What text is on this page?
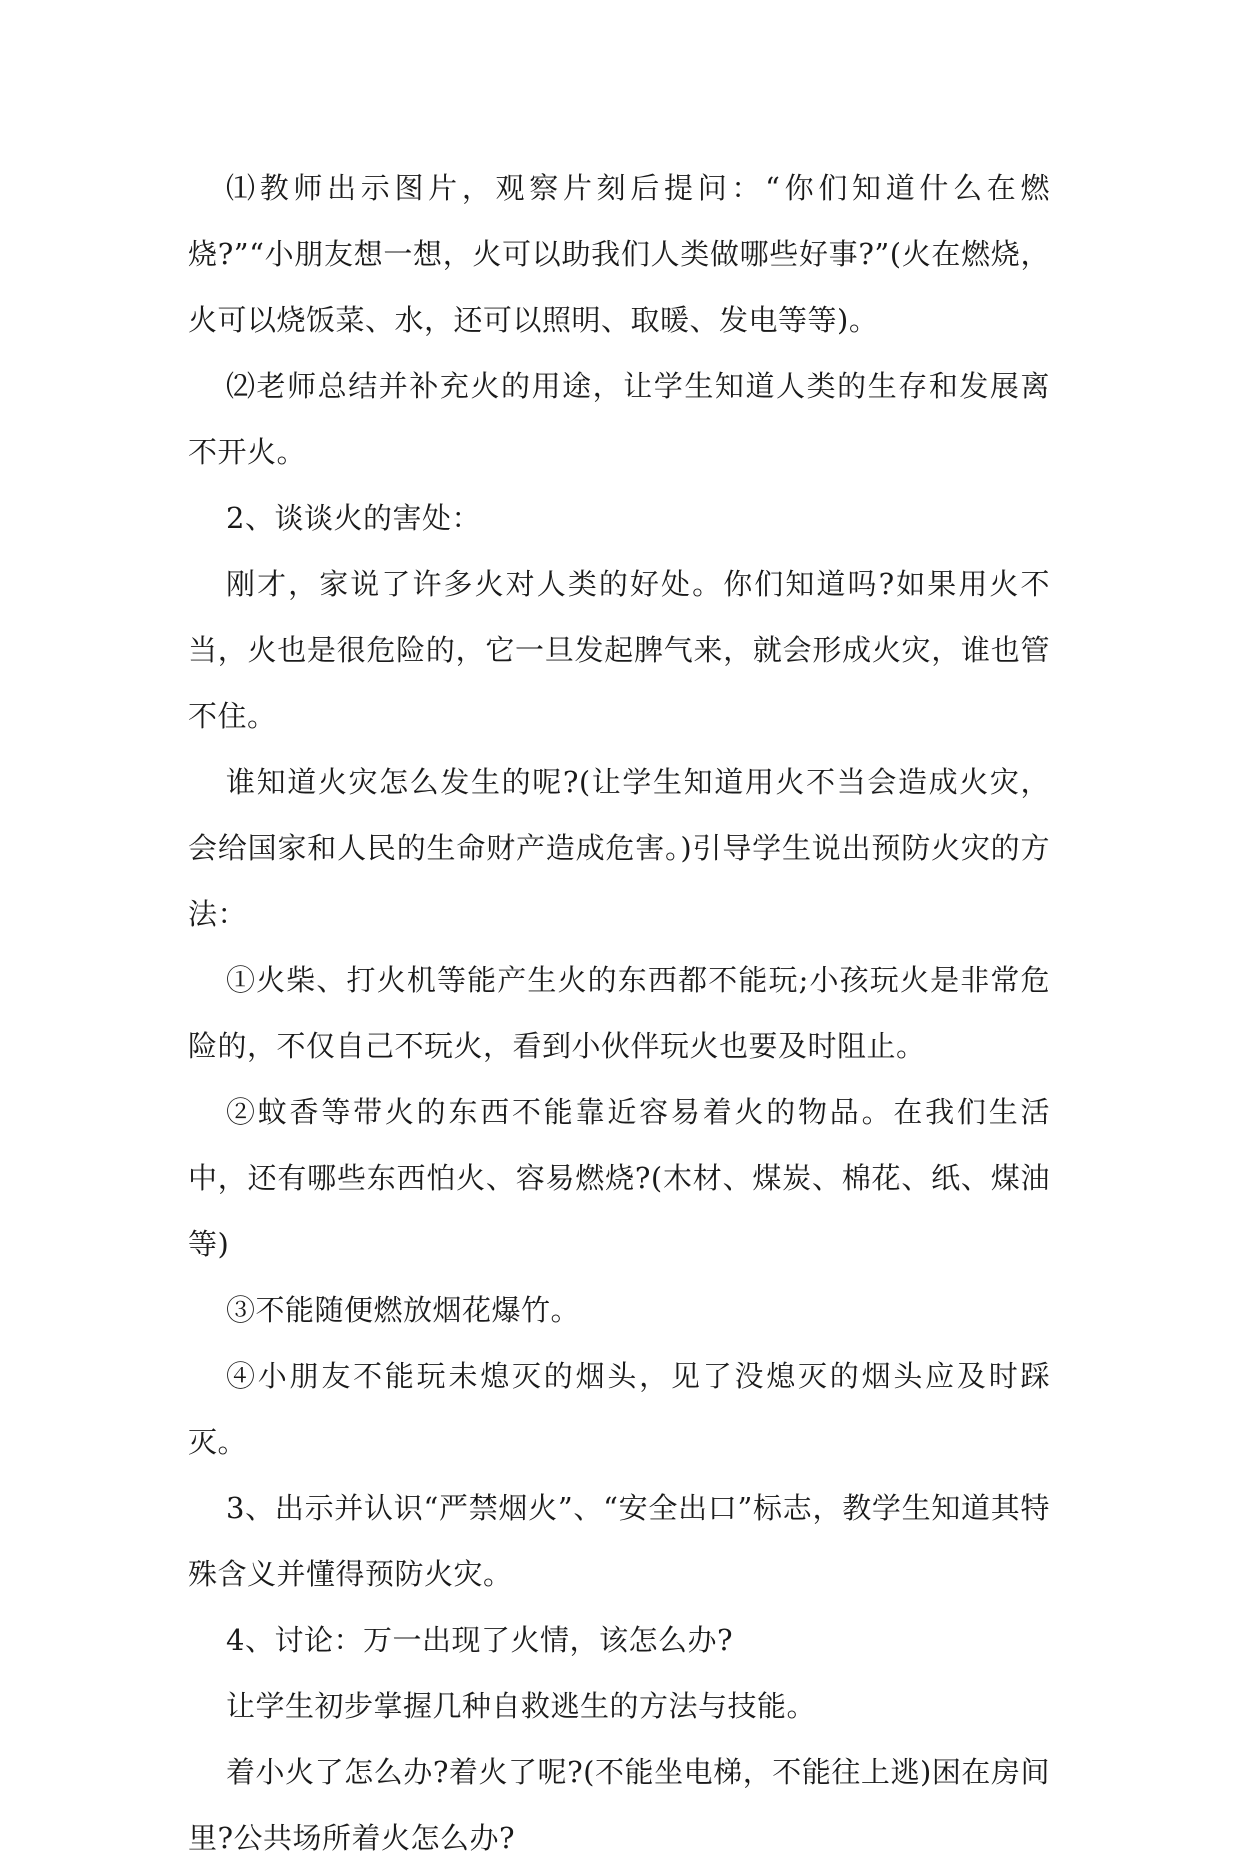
⑴教师出示图片，观察片刻后提问：“你们知道什么在燃烧?”“小朋友想一想，火可以助我们人类做哪些好事?”(火在燃烧，火可以烧饭菜、水，还可以照明、取暖、发电等等)。

⑵老师总结并补充火的用途，让学生知道人类的生存和发展离不开火。

2、谈谈火的害处：

刚才，家说了许多火对人类的好处。你们知道吗?如果用火不当，火也是很危险的，它一旦发起脾气来，就会形成火灾，谁也管不住。

谁知道火灾怎么发生的呢?(让学生知道用火不当会造成火灾，会给国家和人民的生命财产造成危害。)引导学生说出预防火灾的方法：

①火柴、打火机等能产生火的东西都不能玩;小孩玩火是非常危险的，不仅自己不玩火，看到小伙伴玩火也要及时阻止。

②蚊香等带火的东西不能靠近容易着火的物品。在我们生活中，还有哪些东西怕火、容易燃烧?(木材、煤炭、棉花、纸、煤油等)

③不能随便燃放烟花爆竹。

④小朋友不能玩未熄灭的烟头，见了没熄灭的烟头应及时踩灭。

3、出示并认识“严禁烟火”、“安全出口”标志，教学生知道其特殊含义并懂得预防火灾。

4、讨论：万一出现了火情，该怎么办?

让学生初步掌握几种自救逃生的方法与技能。

着小火了怎么办?着火了呢?(不能坐电梯，不能往上逃)困在房间里?公共场所着火怎么办?
